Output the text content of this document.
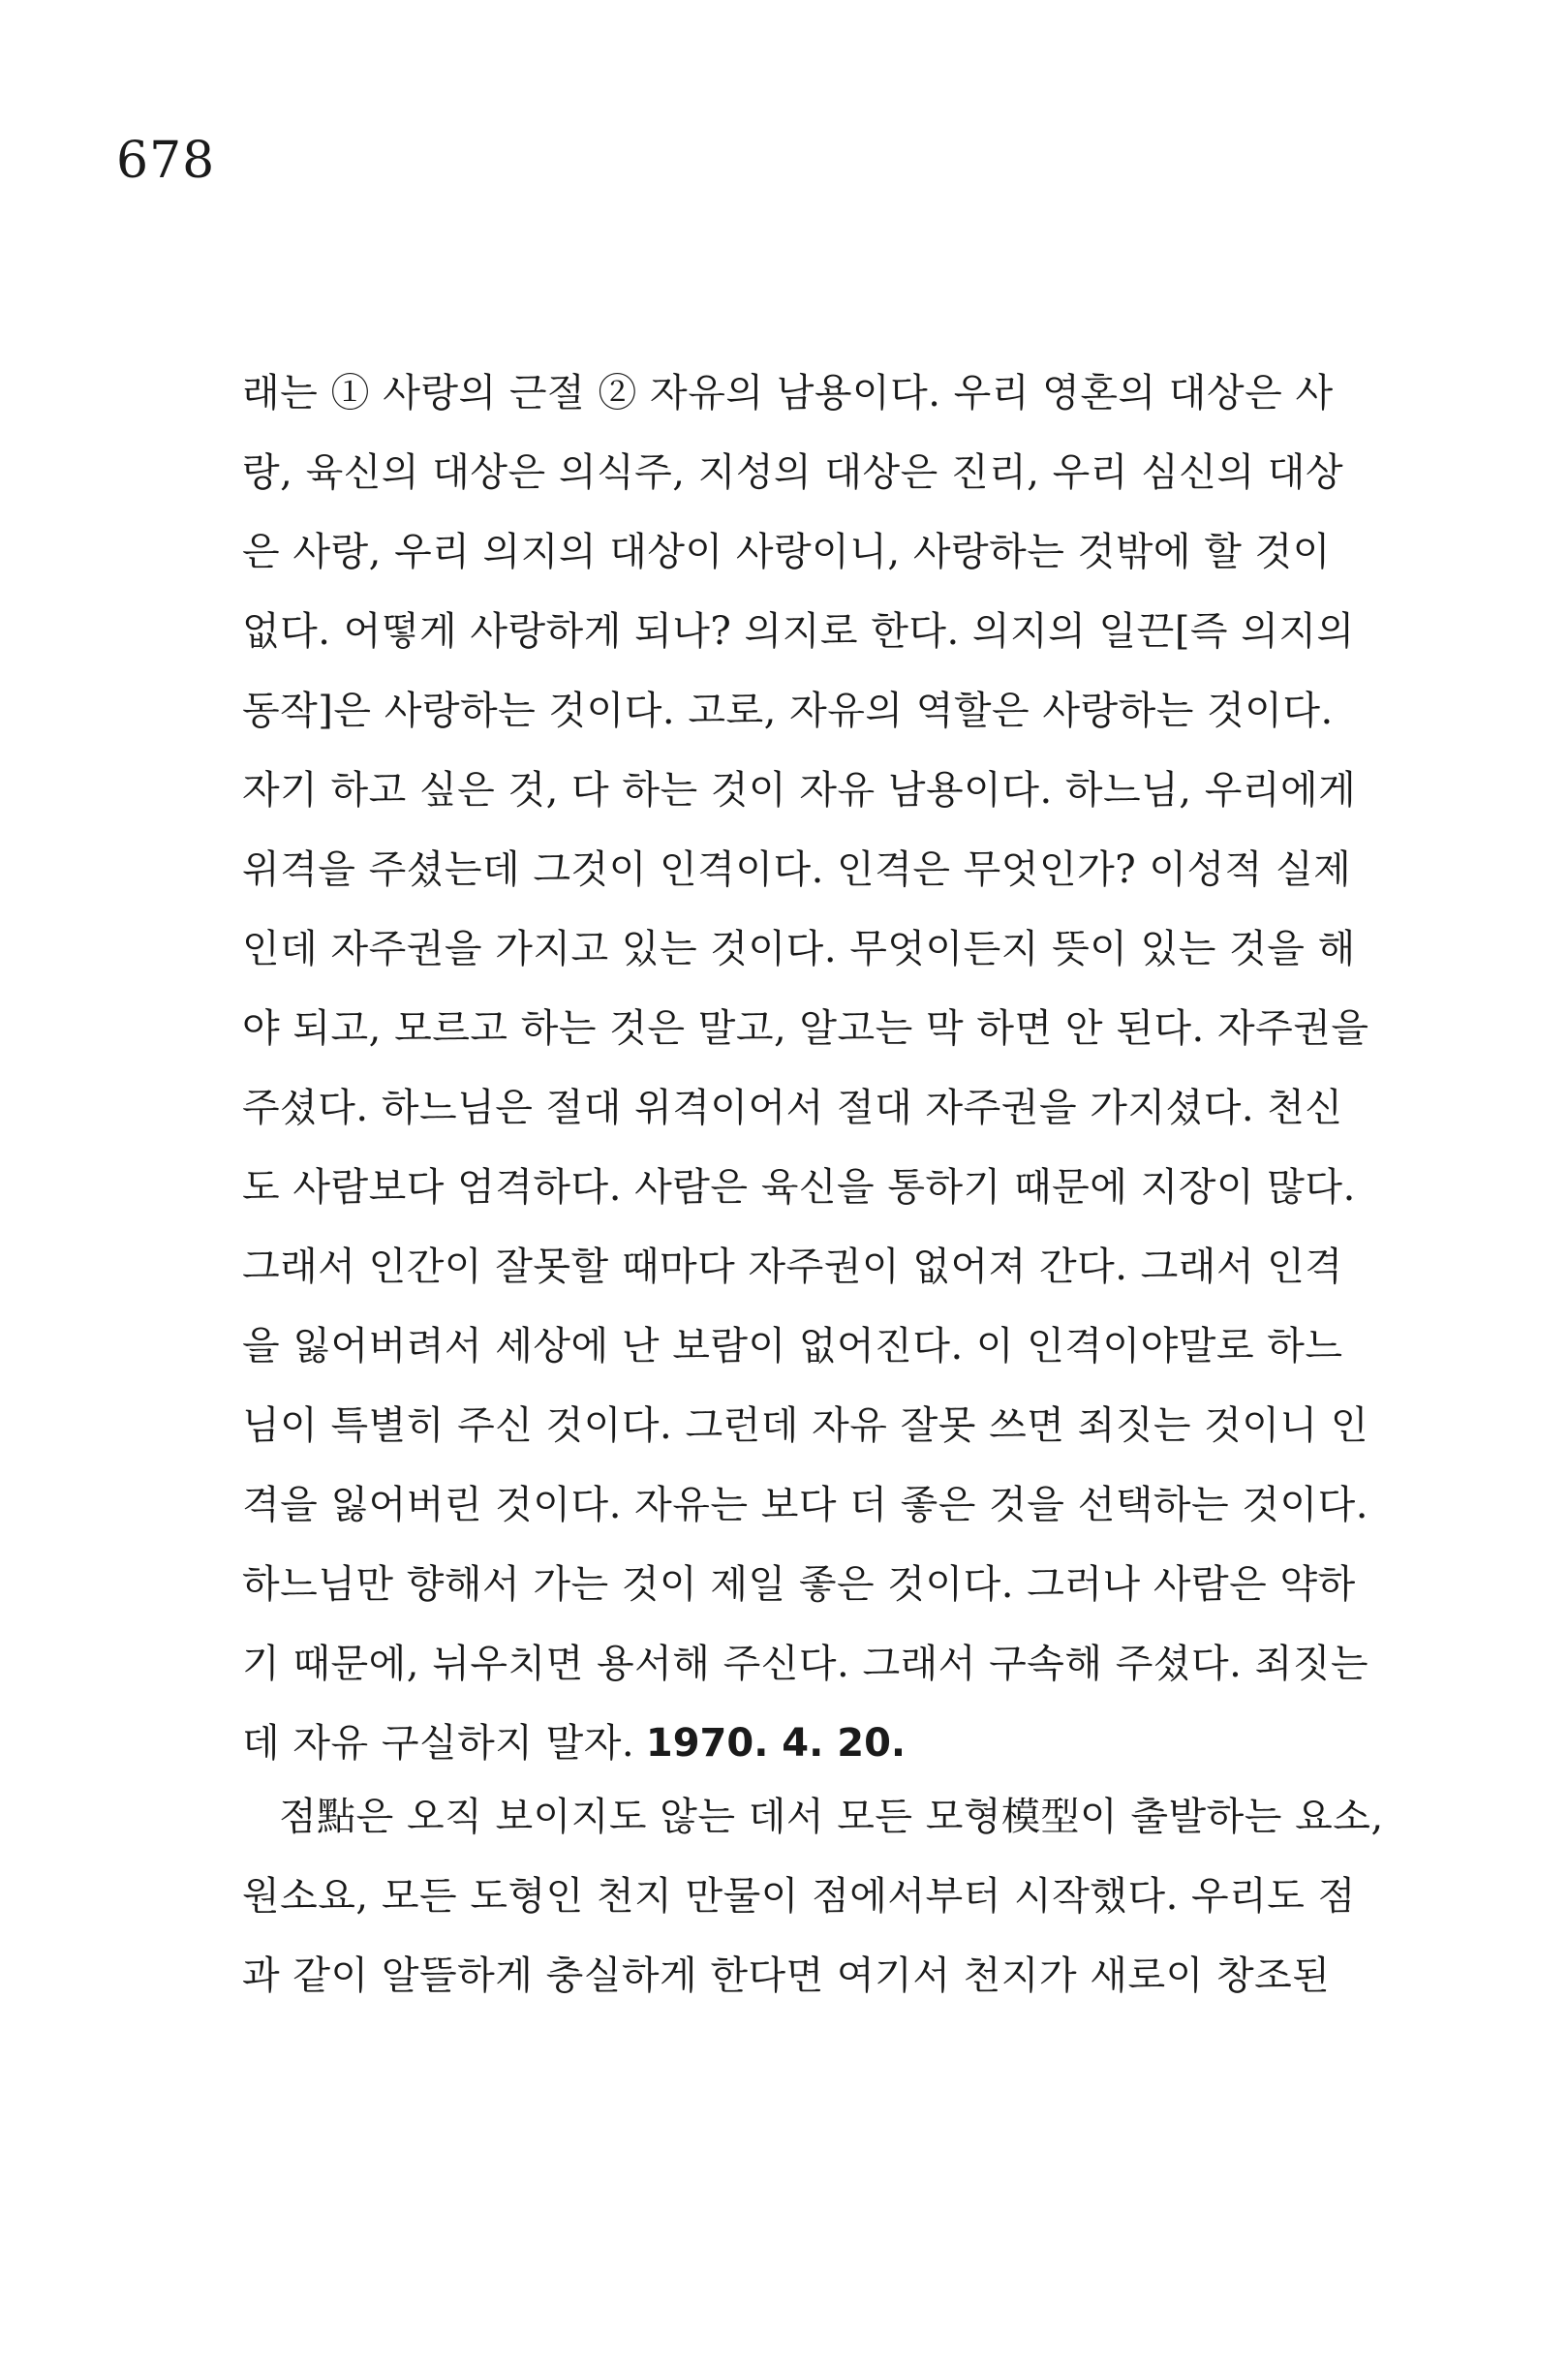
678
래는 ① 사랑의 근절 ② 자유의 남용이다. 우리 영혼의 대상은 사
랑, 육신의 대상은 의식주, 지성의 대상은 진리, 우리 심신의 대상
은 사랑, 우리 의지의 대상이 사랑이니, 사랑하는 것밖에 할 것이
없다. 어떻게 사랑하게 되나? 의지로 한다. 의지의 일끈[즉 의지의
동작]은 사랑하는 것이다. 고로, 자유의 역할은 사랑하는 것이다.
자기 하고 싶은 것, 다 하는 것이 자유 남용이다. 하느님, 우리에게
위격을 주셨는데 그것이 인격이다. 인격은 무엇인가? 이성적 실제
인데 자주권을 가지고 있는 것이다. 무엇이든지 뜻이 있는 것을 해
야 되고, 모르고 하는 것은 말고, 알고는 막 하면 안 된다. 자주권을
주셨다. 하느님은 절대 위격이어서 절대 자주권을 가지셨다. 천신
도 사람보다 엄격하다. 사람은 육신을 통하기 때문에 지장이 많다.
그래서 인간이 잘못할 때마다 자주권이 없어져 간다. 그래서 인격
을 잃어버려서 세상에 난 보람이 없어진다. 이 인격이야말로 하느
님이 특별히 주신 것이다. 그런데 자유 잘못 쓰면 죄짓는 것이니 인
격을 잃어버린 것이다. 자유는 보다 더 좋은 것을 선택하는 것이다.
하느님만 향해서 가는 것이 제일 좋은 것이다. 그러나 사람은 약하
기 때문에, 뉘우치면 용서해 주신다. 그래서 구속해 주셨다. 죄짓는
데 자유 구실하지 말자. 1970. 4. 20.
점點은 오직 보이지도 않는 데서 모든 모형模型이 출발하는 요소,
원소요, 모든 도형인 천지 만물이 점에서부터 시작했다. 우리도 점
과 같이 알뜰하게 충실하게 한다면 여기서 천지가 새로이 창조된
